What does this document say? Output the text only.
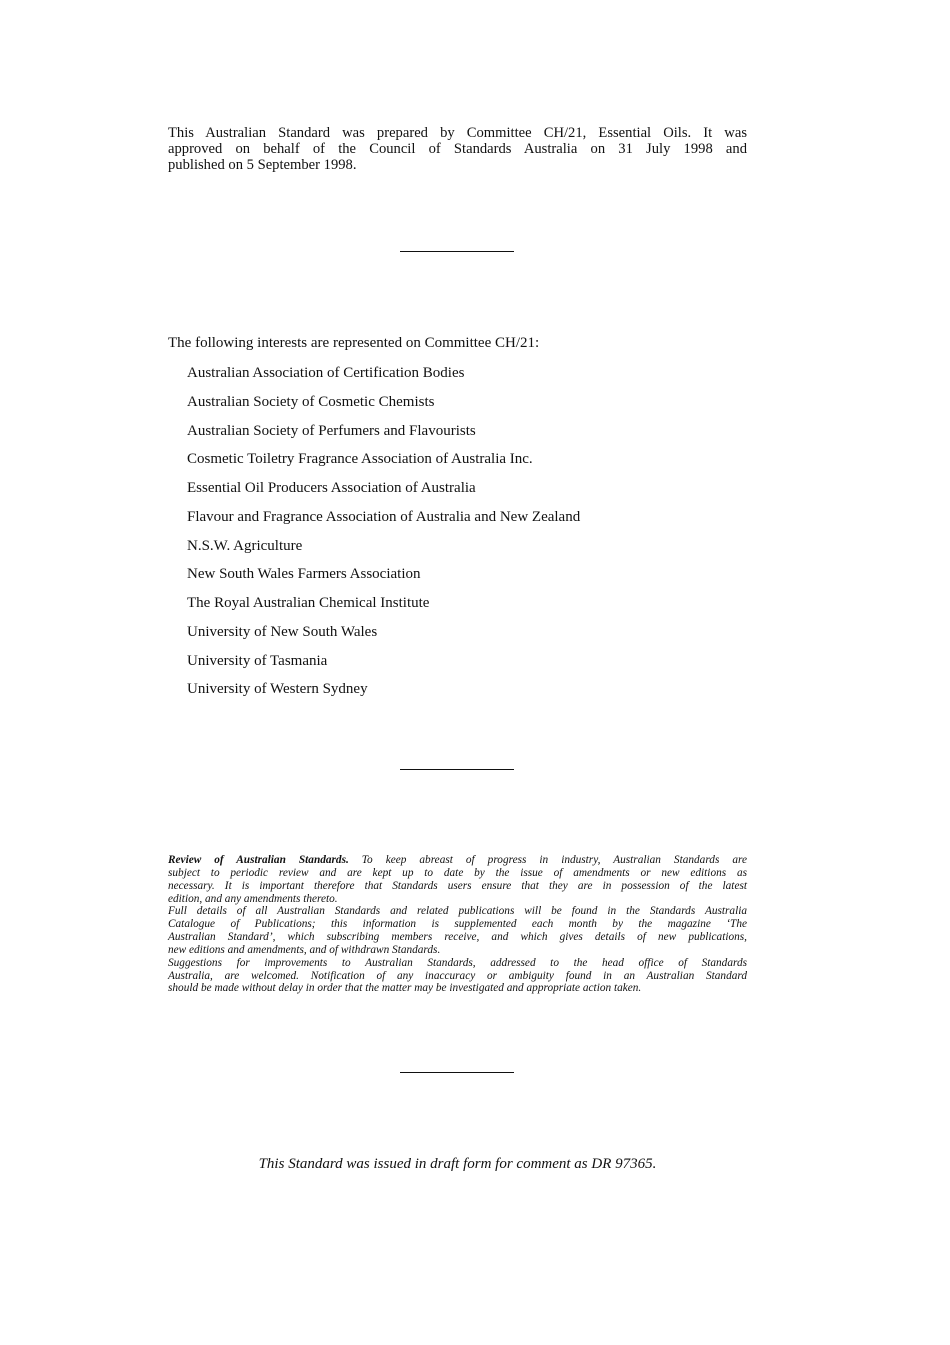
This Australian Standard was prepared by Committee CH/21, Essential Oils. It was
approved on behalf of the Council of Standards Australia on 31 July 1998 and
published on 5 September 1998.
The following interests are represented on Committee CH/21:
Australian Association of Certification Bodies
Australian Society of Cosmetic Chemists
Australian Society of Perfumers and Flavourists
Cosmetic Toiletry Fragrance Association of Australia Inc.
Essential Oil Producers Association of Australia
Flavour and Fragrance Association of Australia and New Zealand
N.S.W. Agriculture
New South Wales Farmers Association
The Royal Australian Chemical Institute
University of New South Wales
University of Tasmania
University of Western Sydney
Review of Australian Standards. To keep abreast of progress in industry, Australian Standards are
subject to periodic review and are kept up to date by the issue of amendments or new editions as
necessary. It is important therefore that Standards users ensure that they are in possession of the latest
edition, and any amendments thereto.
Full details of all Australian Standards and related publications will be found in the Standards Australia
Catalogue of Publications; this information is supplemented each month by the magazine ‘The
Australian Standard’, which subscribing members receive, and which gives details of new publications,
new editions and amendments, and of withdrawn Standards.
Suggestions for improvements to Australian Standards, addressed to the head office of Standards
Australia, are welcomed. Notification of any inaccuracy or ambiguity found in an Australian Standard
should be made without delay in order that the matter may be investigated and appropriate action taken.
This Standard was issued in draft form for comment as DR 97365.
